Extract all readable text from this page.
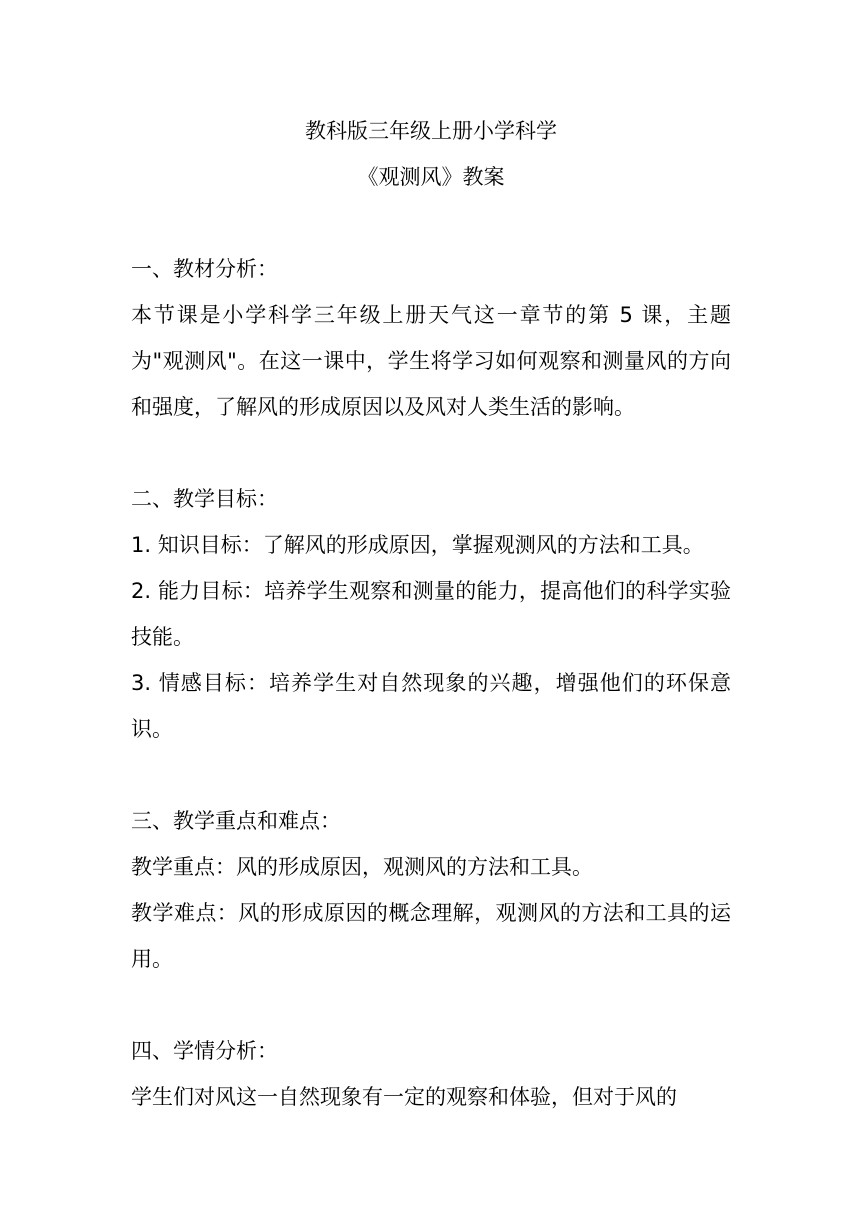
教科版三年级上册小学科学

《观测风》教案

一、教材分析：

本节课是小学科学三年级上册天气这一章节的第 5 课，主题为"观测风"。在这一课中，学生将学习如何观察和测量风的方向和强度，了解风的形成原因以及风对人类生活的影响。

二、教学目标：

1. 知识目标：了解风的形成原因，掌握观测风的方法和工具。

2. 能力目标：培养学生观察和测量的能力，提高他们的科学实验技能。

3. 情感目标：培养学生对自然现象的兴趣，增强他们的环保意识。

三、教学重点和难点：

教学重点：风的形成原因，观测风的方法和工具。

教学难点：风的形成原因的概念理解，观测风的方法和工具的运用。

四、学情分析：

学生们对风这一自然现象有一定的观察和体验，但对于风的
